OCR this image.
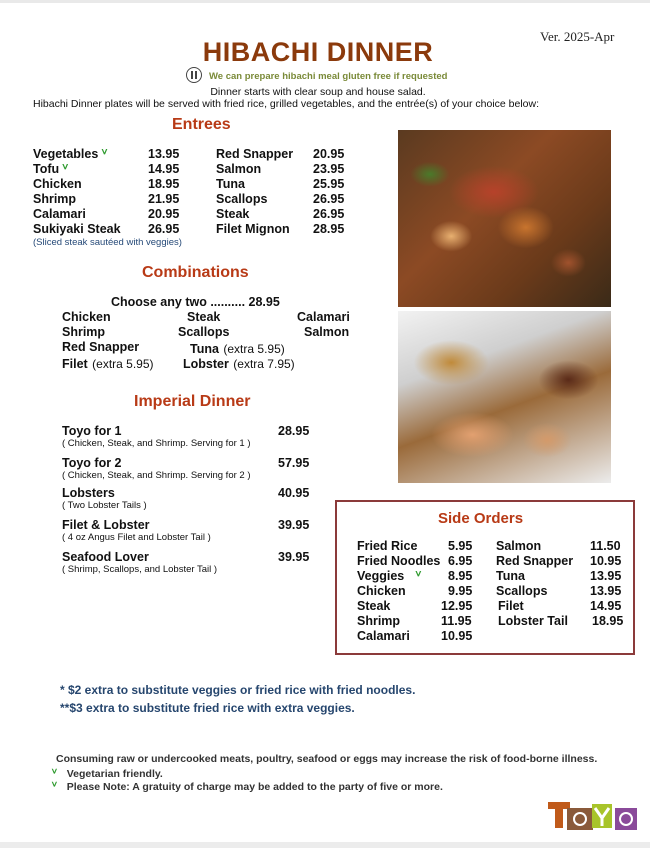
Ver. 2025-Apr
HIBACHI DINNER
We can prepare hibachi meal gluten free if requested
Dinner starts with clear soup and house salad.
Hibachi Dinner plates will be served with fried rice, grilled vegetables, and the entrée(s) of your choice below:
Entrees
Vegetables ⱽ	13.95
Tofu ⱽ	14.95
Chicken	18.95
Shrimp	21.95
Calamari	20.95
Sukiyaki Steak 26.95
(Sliced steak sautéed with veggies)
Red Snapper 20.95
Salmon	23.95
Tuna	25.95
Scallops	26.95
Steak	26.95
Filet Mignon 28.95
Combinations
Choose any two .......... 28.95
Chicken	Steak	Calamari
Shrimp	Scallops	Salmon
Red Snapper	Tuna (extra 5.95)
Filet (extra 5.95) Lobster (extra 7.95)
Imperial Dinner
Toyo for 1	28.95
( Chicken, Steak, and Shrimp. Serving for 1 )
Toyo for 2	57.95
( Chicken, Steak, and Shrimp. Serving for 2 )
Lobsters	40.95
( Two Lobster Tails )
Filet & Lobster	39.95
( 4 oz Angus Filet and Lobster Tail )
Seafood Lover	39.95
( Shrimp, Scallops, and Lobster Tail )
Side Orders
Fried Rice 5.95
Fried Noodles 6.95
Veggies ⱽ 8.95
Chicken	9.95
Steak	12.95
Shrimp	11.95
Calamari 10.95
Salmon	11.50
Red Snapper 10.95
Tuna	13.95
Scallops	13.95
Filet	14.95
Lobster Tail 18.95
* $2 extra to substitute veggies or fried rice with fried noodles.
**$3 extra to substitute fried rice with extra veggies.
Consuming raw or undercooked meats, poultry, seafood or eggs may increase the risk of food-borne illness.
ⱽ Vegetarian friendly.
ⱽ Please Note: A gratuity of charge may be added to the party of five or more.
